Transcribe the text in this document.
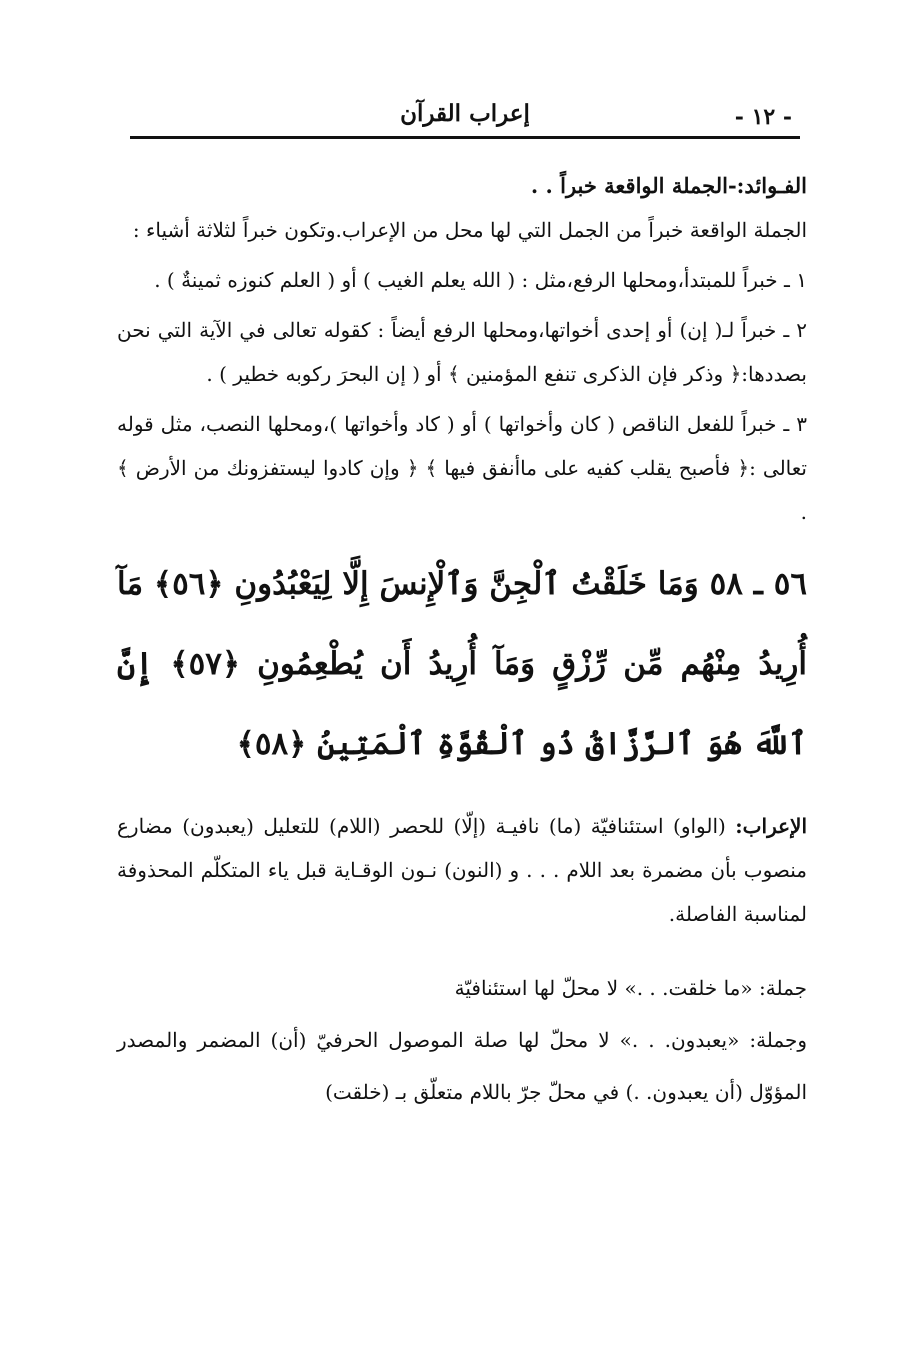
إعراب القرآن	- ١٢ -

الفـوائد:-الجملة الواقعة خبراً . .

الجملة الواقعة خبراً من الجمل التي لها محل من الإعراب.وتكون خبراً لثلاثة أشياء :

١ ـ خبراً للمبتدأ،ومحلها الرفع،مثل : ( الله يعلم الغيب ) أو ( العلم كنوزه ثمينةٌ ) .

٢ ـ خبراً لـ( إن) أو إحدى أخواتها،ومحلها الرفع أيضاً : كقوله تعالى في الآية التي نحن بصددها:﴿ وذكر فإن الذكرى تنفع المؤمنين ﴾ أو ( إن البحرَ ركوبه خطير ) .

٣ ـ خبراً للفعل الناقص ( كان وأخواتها ) أو ( كاد وأخواتها )،ومحلها النصب، مثل قوله تعالى :﴿ فأصبح يقلب كفيه على ماأنفق فيها ﴾ ﴿ وإن كادوا ليستفزونك من الأرض ﴾ .

٥٦ ـ ٥٨ وَمَا خَلَقْتُ ٱلْجِنَّ وَٱلْإِنسَ إِلَّا لِيَعْبُدُونِ ﴿٥٦﴾ مَآ أُرِيدُ مِنْهُم مِّن رِّزْقٍ وَمَآ أُرِيدُ أَن يُطْعِمُونِ ﴿٥٧﴾ إِنَّ ٱللَّهَ هُوَ ٱلرَّزَّاقُ ذُو ٱلْقُوَّةِ ٱلْمَتِينُ ﴿٥٨﴾

الإعراب: (الواو) استئنافيّة (ما) نافيـة (إلّا) للحصر (اللام) للتعليل (يعبدون) مضارع منصوب بأن مضمرة بعد اللام . . . و (النون) نـون الوقـاية قبل ياء المتكلّم المحذوفة لمناسبة الفاصلة.

جملة: «ما خلقت. . .» لا محلّ لها استئنافيّة

وجملة: «يعبدون. . .» لا محلّ لها صلة الموصول الحرفيّ (أن) المضمر والمصدر المؤوّل (أن يعبدون. .) في محلّ جرّ باللام متعلّق بـ (خلقت)
